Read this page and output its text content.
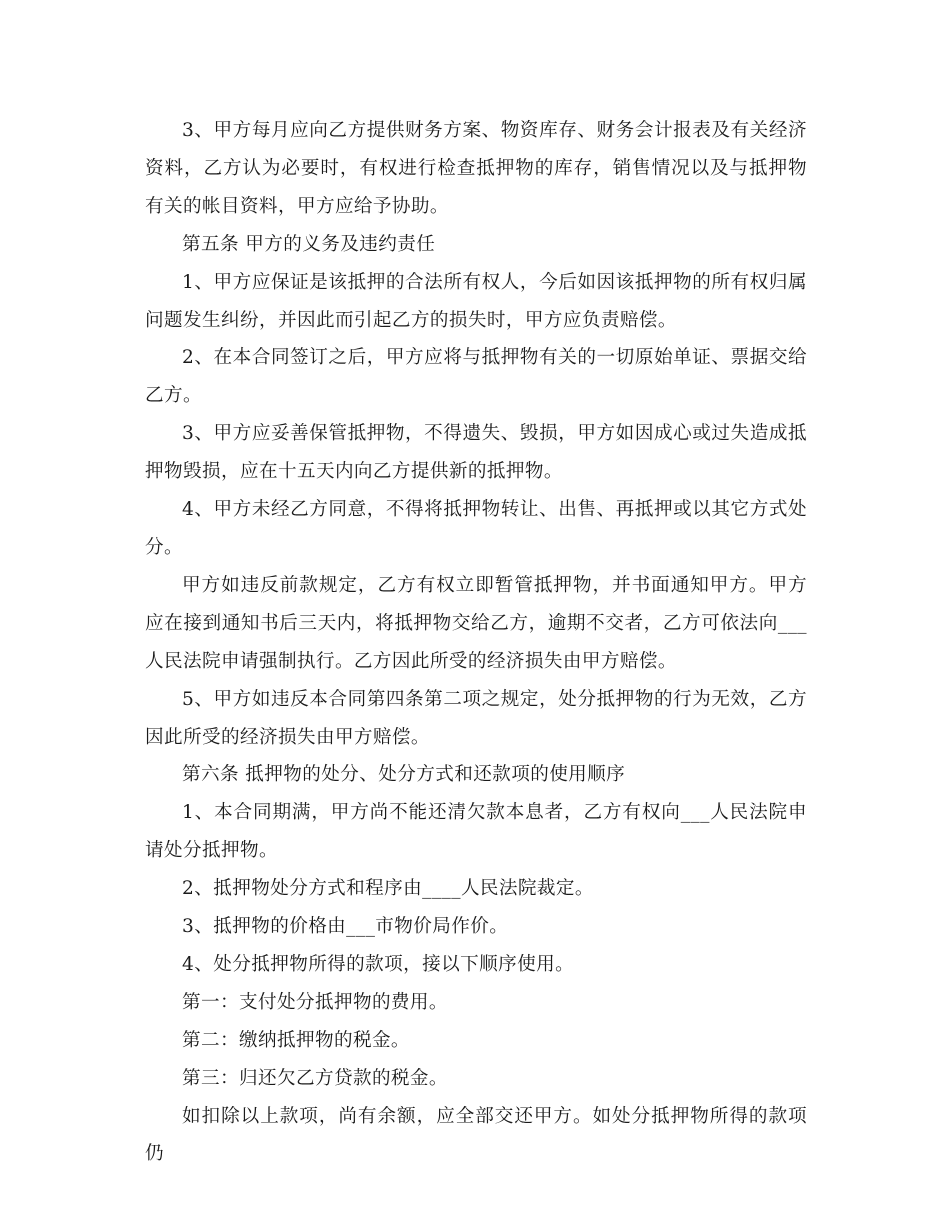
3、甲方每月应向乙方提供财务方案、物资库存、财务会计报表及有关经济资料，乙方认为必要时，有权进行检查抵押物的库存，销售情况以及与抵押物有关的帐目资料，甲方应给予协助。

第五条 甲方的义务及违约责任

1、甲方应保证是该抵押的合法所有权人，今后如因该抵押物的所有权归属问题发生纠纷，并因此而引起乙方的损失时，甲方应负责赔偿。

2、在本合同签订之后，甲方应将与抵押物有关的一切原始单证、票据交给乙方。

3、甲方应妥善保管抵押物，不得遗失、毁损，甲方如因成心或过失造成抵押物毁损，应在十五天内向乙方提供新的抵押物。

4、甲方未经乙方同意，不得将抵押物转让、出售、再抵押或以其它方式处分。

甲方如违反前款规定，乙方有权立即暂管抵押物，并书面通知甲方。甲方应在接到通知书后三天内，将抵押物交给乙方，逾期不交者，乙方可依法向___人民法院申请强制执行。乙方因此所受的经济损失由甲方赔偿。

5、甲方如违反本合同第四条第二项之规定，处分抵押物的行为无效，乙方因此所受的经济损失由甲方赔偿。

第六条 抵押物的处分、处分方式和还款项的使用顺序

1、本合同期满，甲方尚不能还清欠款本息者，乙方有权向___人民法院申请处分抵押物。

2、抵押物处分方式和程序由____人民法院裁定。

3、抵押物的价格由___市物价局作价。

4、处分抵押物所得的款项，接以下顺序使用。

第一：支付处分抵押物的费用。

第二：缴纳抵押物的税金。

第三：归还欠乙方贷款的税金。

如扣除以上款项，尚有余额，应全部交还甲方。如处分抵押物所得的款项仍
